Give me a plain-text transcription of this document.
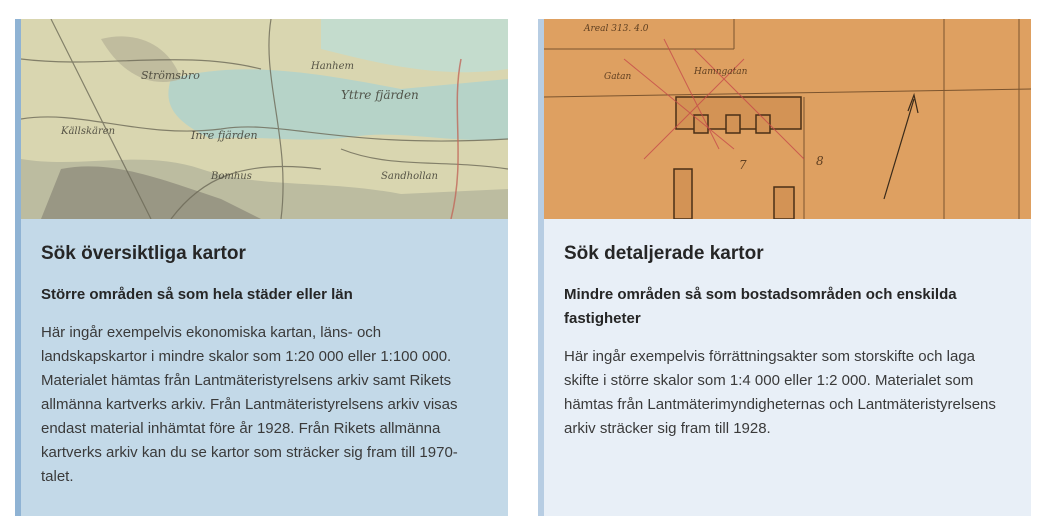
Yttre fjärden
Inre fjärden
Strömsbro
Bomhus
Hanhem
Källskären
Sandhollan
Sök översiktliga kartor
Större områden så som hela städer eller län

Här ingår exempelvis ekonomiska kartan, läns- och landskapskartor i mindre skalor som 1:20 000 eller 1:100 000. Materialet hämtas från Lantmäteristyrelsens arkiv samt Rikets allmänna kartverks arkiv. Från Lantmäteristyrelsens arkiv visas endast material inhämtat före år 1928. Från Rikets allmänna kartverks arkiv kan du se kartor som sträcker sig fram till 1970-talet.

Areal 313. 4.0
Gatan	Hamngatan
7	8
Sök detaljerade kartor
Mindre områden så som bostadsområden och enskilda fastigheter

Här ingår exempelvis förrättningsakter som storskifte och laga skifte i större skalor som 1:4 000 eller 1:2 000. Materialet som hämtas från Lantmäterimyndigheternas och Lantmäteristyrelsens arkiv sträcker sig fram till 1928.
